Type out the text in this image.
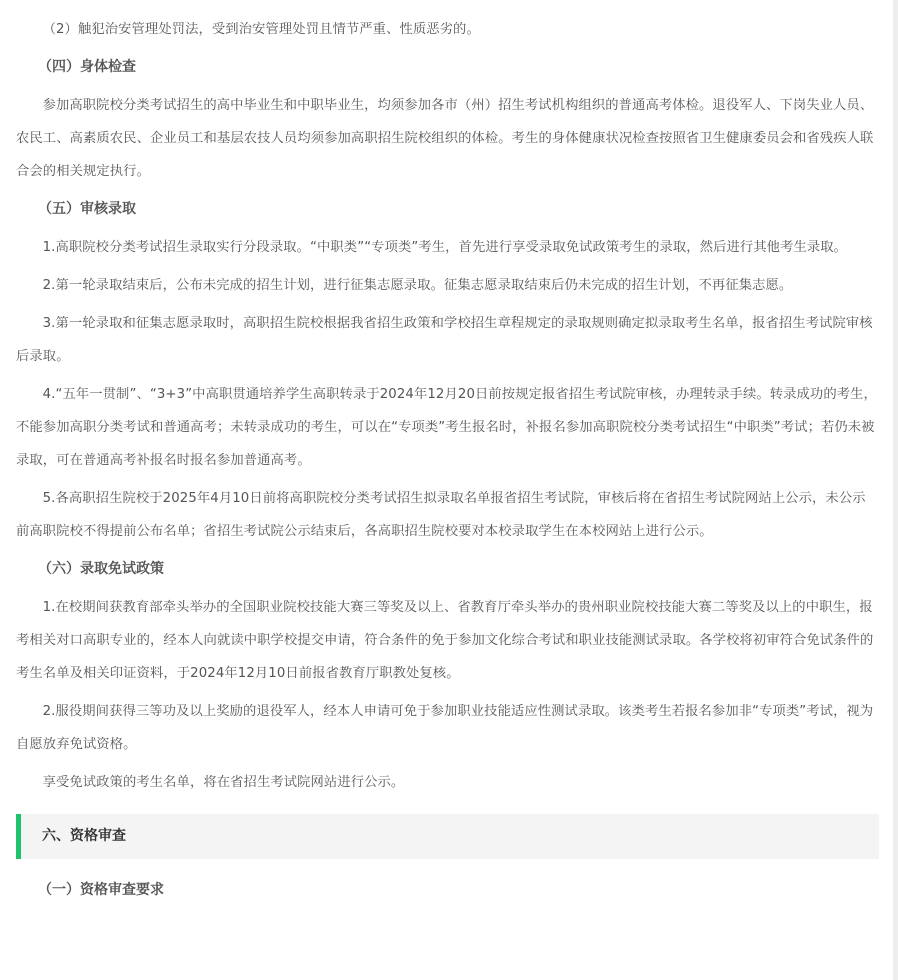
（2）触犯治安管理处罚法，受到治安管理处罚且情节严重、性质恶劣的。

（四）身体检查

参加高职院校分类考试招生的高中毕业生和中职毕业生，均须参加各市（州）招生考试机构组织的普通高考体检。退役军人、下岗失业人员、农民工、高素质农民、企业员工和基层农技人员均须参加高职招生院校组织的体检。考生的身体健康状况检查按照省卫生健康委员会和省残疾人联合会的相关规定执行。

（五）审核录取

1.高职院校分类考试招生录取实行分段录取。“中职类”“专项类”考生，首先进行享受录取免试政策考生的录取，然后进行其他考生录取。

2.第一轮录取结束后，公布未完成的招生计划，进行征集志愿录取。征集志愿录取结束后仍未完成的招生计划，不再征集志愿。

3.第一轮录取和征集志愿录取时，高职招生院校根据我省招生政策和学校招生章程规定的录取规则确定拟录取考生名单，报省招生考试院审核后录取。

4.“五年一贯制”、“3+3”中高职贯通培养学生高职转录于2024年12月20日前按规定报省招生考试院审核，办理转录手续。转录成功的考生，不能参加高职分类考试和普通高考；未转录成功的考生，可以在“专项类”考生报名时，补报名参加高职院校分类考试招生“中职类”考试；若仍未被录取，可在普通高考补报名时报名参加普通高考。

5.各高职招生院校于2025年4月10日前将高职院校分类考试招生拟录取名单报省招生考试院，审核后将在省招生考试院网站上公示，未公示前高职院校不得提前公布名单；省招生考试院公示结束后，各高职招生院校要对本校录取学生在本校网站上进行公示。

（六）录取免试政策

1.在校期间获教育部牵头举办的全国职业院校技能大赛三等奖及以上、省教育厅牵头举办的贵州职业院校技能大赛二等奖及以上的中职生，报考相关对口高职专业的，经本人向就读中职学校提交申请，符合条件的免于参加文化综合考试和职业技能测试录取。各学校将初审符合免试条件的考生名单及相关印证资料，于2024年12月10日前报省教育厅职教处复核。

2.服役期间获得三等功及以上奖励的退役军人，经本人申请可免于参加职业技能适应性测试录取。该类考生若报名参加非“专项类”考试，视为自愿放弃免试资格。

享受免试政策的考生名单，将在省招生考试院网站进行公示。

六、资格审查
（一）资格审查要求
